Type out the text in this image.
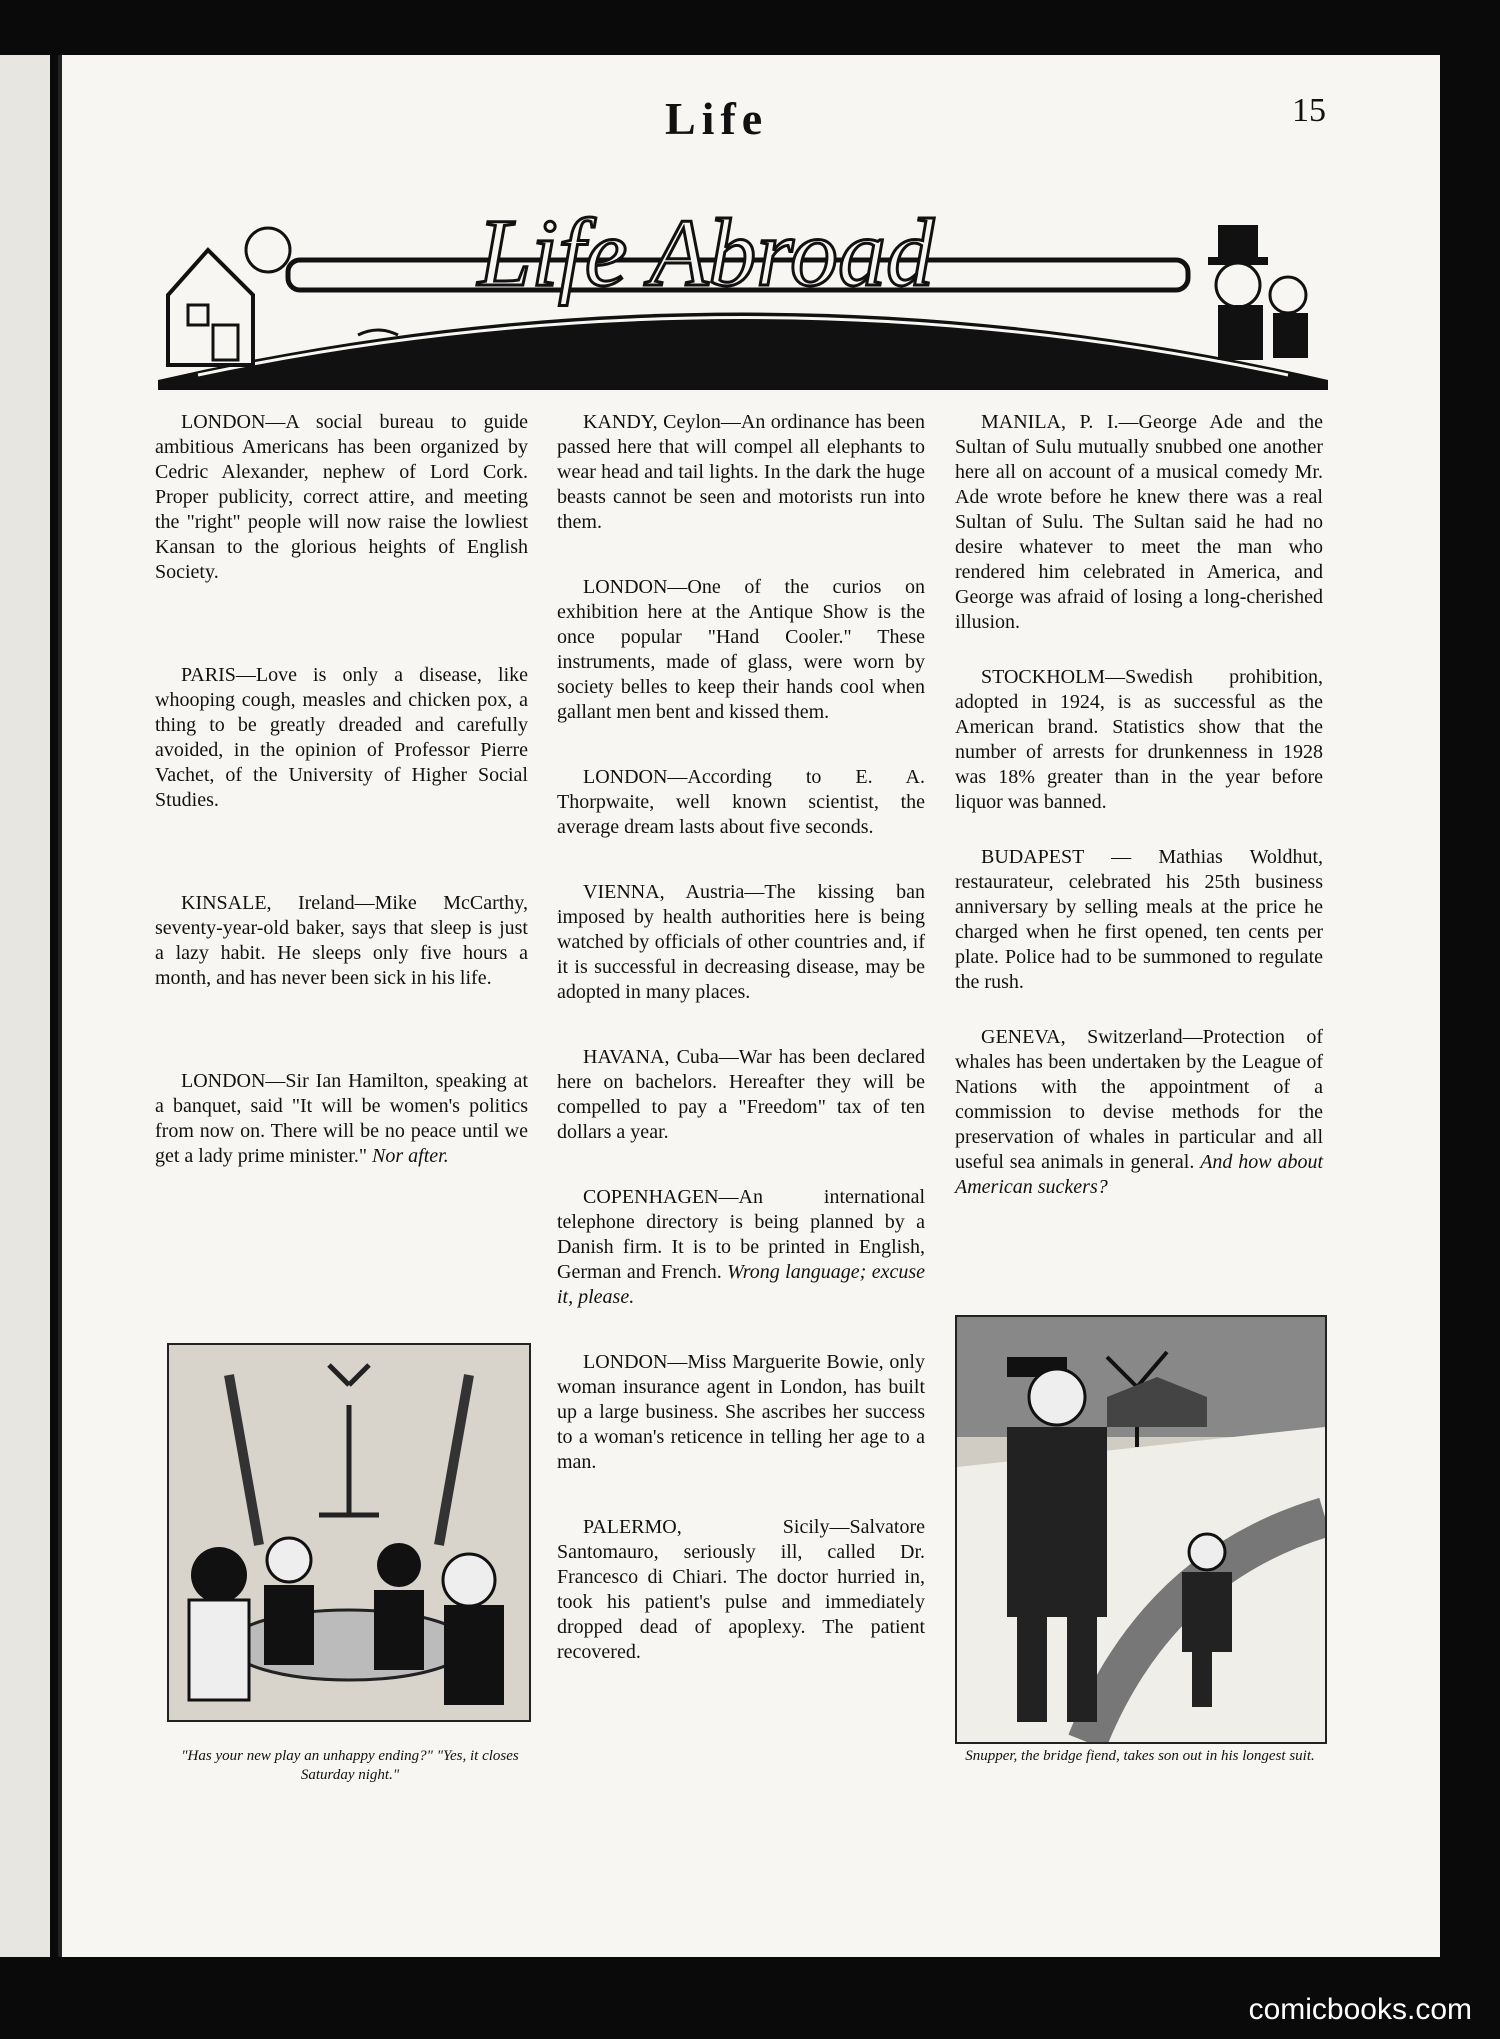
Life	15
Life Abroad

LONDON—A social bureau to guide ambitious Americans has been organized by Cedric Alexander, nephew of Lord Cork. Proper publicity, correct attire, and meeting the "right" people will now raise the lowliest Kansan to the glorious heights of English Society.

PARIS—Love is only a disease, like whooping cough, measles and chicken pox, a thing to be greatly dreaded and carefully avoided, in the opinion of Professor Pierre Vachet, of the University of Higher Social Studies.

KINSALE, Ireland—Mike McCarthy, seventy-year-old baker, says that sleep is just a lazy habit. He sleeps only five hours a month, and has never been sick in his life.

LONDON—Sir Ian Hamilton, speaking at a banquet, said "It will be women's politics from now on. There will be no peace until we get a lady prime minister." Nor after.

KANDY, Ceylon—An ordinance has been passed here that will compel all elephants to wear head and tail lights. In the dark the huge beasts cannot be seen and motorists run into them.

LONDON—One of the curios on exhibition here at the Antique Show is the once popular "Hand Cooler." These instruments, made of glass, were worn by society belles to keep their hands cool when gallant men bent and kissed them.

LONDON—According to E. A. Thorpwaite, well known scientist, the average dream lasts about five seconds.

VIENNA, Austria—The kissing ban imposed by health authorities here is being watched by officials of other countries and, if it is successful in decreasing disease, may be adopted in many places.

HAVANA, Cuba—War has been declared here on bachelors. Hereafter they will be compelled to pay a "Freedom" tax of ten dollars a year.

COPENHAGEN—An international telephone directory is being planned by a Danish firm. It is to be printed in English, German and French. Wrong language; excuse it, please.

LONDON—Miss Marguerite Bowie, only woman insurance agent in London, has built up a large business. She ascribes her success to a woman's reticence in telling her age to a man.

PALERMO, Sicily—Salvatore Santomauro, seriously ill, called Dr. Francesco di Chiari. The doctor hurried in, took his patient's pulse and immediately dropped dead of apoplexy. The patient recovered.

MANILA, P. I.—George Ade and the Sultan of Sulu mutually snubbed one another here all on account of a musical comedy Mr. Ade wrote before he knew there was a real Sultan of Sulu. The Sultan said he had no desire whatever to meet the man who rendered him celebrated in America, and George was afraid of losing a long-cherished illusion.

STOCKHOLM—Swedish prohibition, adopted in 1924, is as successful as the American brand. Statistics show that the number of arrests for drunkenness in 1928 was 18% greater than in the year before liquor was banned.

BUDAPEST — Mathias Woldhut, restaurateur, celebrated his 25th business anniversary by selling meals at the price he charged when he first opened, ten cents per plate. Police had to be summoned to regulate the rush.

GENEVA, Switzerland—Protection of whales has been undertaken by the League of Nations with the appointment of a commission to devise methods for the preservation of whales in particular and all useful sea animals in general. And how about American suckers?

"Has your new play an unhappy ending?" "Yes, it closes Saturday night."
Snupper, the bridge fiend, takes son out in his longest suit.
comicbooks.com
